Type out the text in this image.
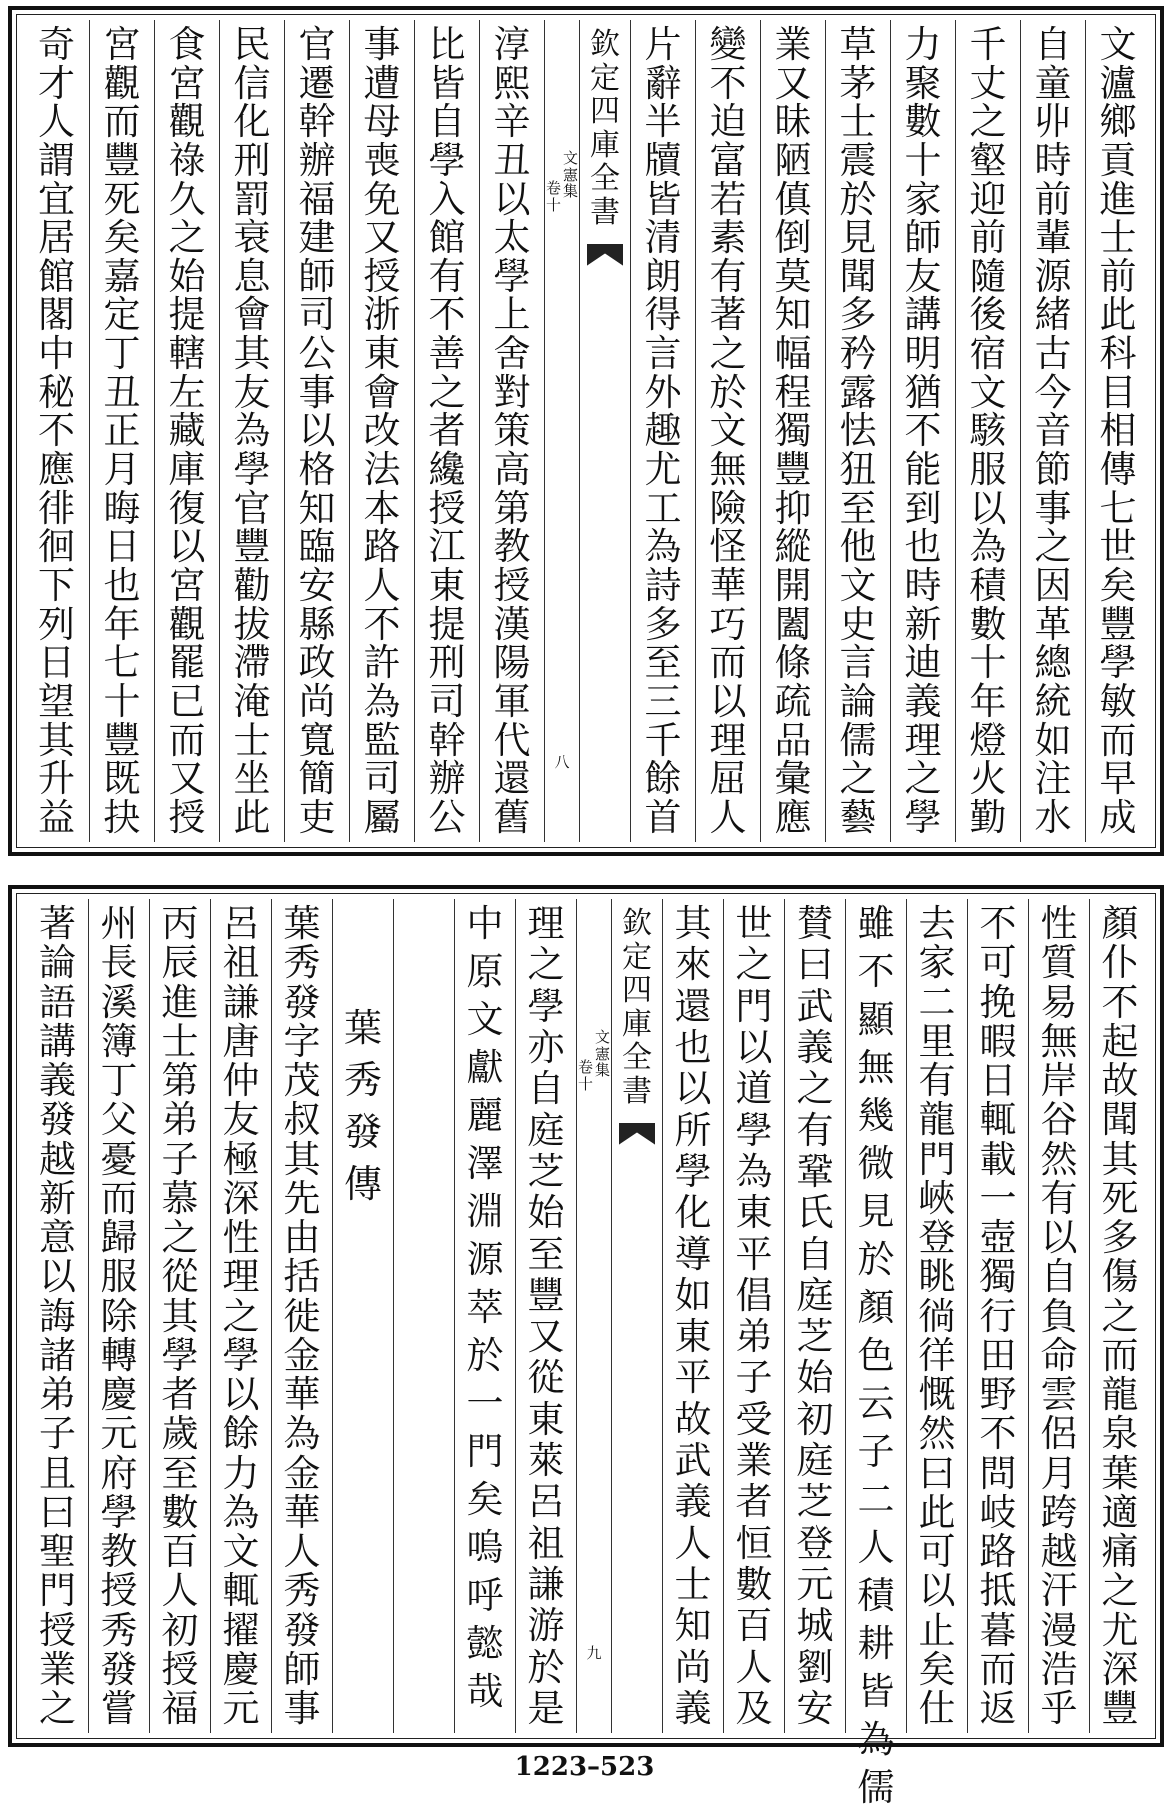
文
瀘
鄉
貢
進
士
前
此
科
目
相
傳
七
世
矣
豐
學
敏
而
早
成
自
童
丱
時
前
輩
源
緒
古
今
音
節
事
之
因
革
總
統
如
注
水
千
丈
之
壑
迎
前
隨
後
宿
文
駭
服
以
為
積
數
十
年
燈
火
勤
力
聚
數
十
家
師
友
講
明
猶
不
能
到
也
時
新
迪
義
理
之
學
草
茅
士
震
於
見
聞
多
矜
露
怯
狃
至
他
文
史
言
論
儒
之
藝
業
又
昧
陋
傎
倒
莫
知
幅
程
獨
豐
抑
縱
開
闔
條
疏
品
彙
應
變
不
迫
富
若
素
有
著
之
於
文
無
險
怪
華
巧
而
以
理
屈
人
片
辭
半
牘
皆
清
朗
得
言
外
趣
尤
工
為
詩
多
至
三
千
餘
首
欽
定
四
庫
全
書
文
憲
集
卷
十
八
淳
熙
辛
丑
以
太
學
上
舍
對
策
高
第
教
授
漢
陽
軍
代
還
舊
比
皆
自
學
入
館
有
不
善
之
者
纔
授
江
東
提
刑
司
幹
辦
公
事
遭
母
喪
免
又
授
浙
東
會
改
法
本
路
人
不
許
為
監
司
屬
官
遷
幹
辦
福
建
師
司
公
事
以
格
知
臨
安
縣
政
尚
寬
簡
吏
民
信
化
刑
罰
衰
息
會
其
友
為
學
官
豐
勸
拔
滯
淹
士
坐
此
食
宮
觀
祿
久
之
始
提
轄
左
藏
庫
復
以
宮
觀
罷
已
而
又
授
宮
觀
而
豐
死
矣
嘉
定
丁
丑
正
月
晦
日
也
年
七
十
豐
既
抉
奇
才
人
謂
宜
居
館
閣
中
秘
不
應
徘
徊
下
列
日
望
其
升
益
顏
仆
不
起
故
聞
其
死
多
傷
之
而
龍
泉
葉
適
痛
之
尤
深
豐
性
質
易
無
岸
谷
然
有
以
自
負
命
雲
侶
月
跨
越
汗
漫
浩
乎
不
可
挽
暇
日
輒
載
一
壺
獨
行
田
野
不
問
岐
路
抵
暮
而
返
去
家
二
里
有
龍
門
峽
登
眺
徜
徉
慨
然
曰
此
可
以
止
矣
仕
雖
不
顯
無
幾
微
見
於
顏
色
云
子
二
人
積
耕
皆
為
儒
賛
曰
武
義
之
有
鞏
氏
自
庭
芝
始
初
庭
芝
登
元
城
劉
安
世
之
門
以
道
學
為
東
平
倡
弟
子
受
業
者
恒
數
百
人
及
其
來
還
也
以
所
學
化
導
如
東
平
故
武
義
人
士
知
尚
義
欽
定
四
庫
全
書
文
憲
集
卷
十
九
理
之
學
亦
自
庭
芝
始
至
豐
又
從
東
萊
呂
祖
謙
游
於
是
中
原
文
獻
麗
澤
淵
源
萃
於
一
門
矣
嗚
呼
懿
哉
葉
秀
發
傳
葉
秀
發
字
茂
叔
其
先
由
括
徙
金
華
為
金
華
人
秀
發
師
事
呂
祖
謙
唐
仲
友
極
深
性
理
之
學
以
餘
力
為
文
輒
擢
慶
元
丙
辰
進
士
第
弟
子
慕
之
從
其
學
者
歲
至
數
百
人
初
授
福
州
長
溪
簿
丁
父
憂
而
歸
服
除
轉
慶
元
府
學
教
授
秀
發
嘗
著
論
語
講
義
發
越
新
意
以
誨
諸
弟
子
且
曰
聖
門
授
業
之
1223–523
